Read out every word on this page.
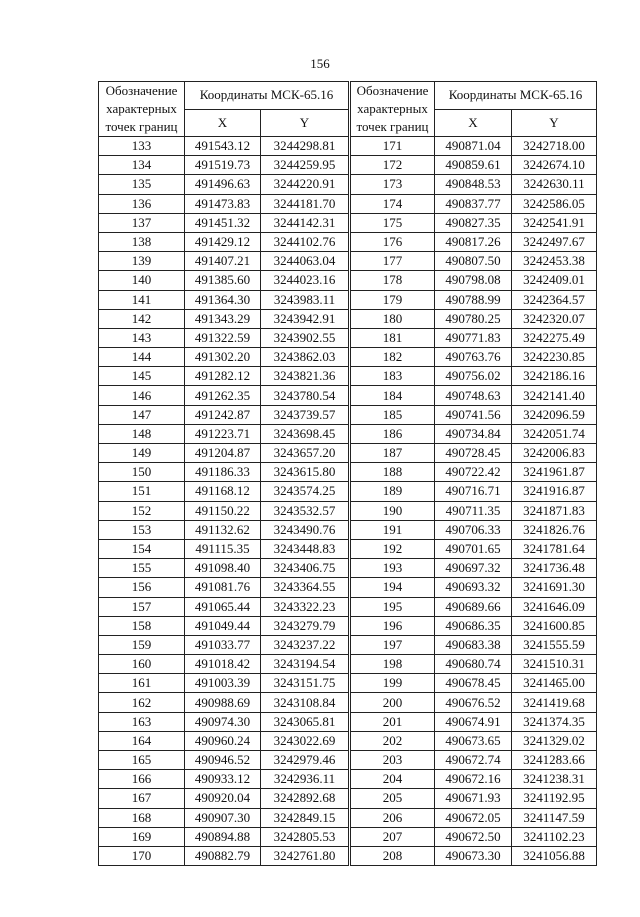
156
Обозначение
характерных
точек границ	Координаты МСК-65.16	
	X	Y
133	491543.12	3244298.81
134	491519.73	3244259.95
135	491496.63	3244220.91
136	491473.83	3244181.70
137	491451.32	3244142.31
138	491429.12	3244102.76
139	491407.21	3244063.04
140	491385.60	3244023.16
141	491364.30	3243983.11
142	491343.29	3243942.91
143	491322.59	3243902.55
144	491302.20	3243862.03
145	491282.12	3243821.36
146	491262.35	3243780.54
147	491242.87	3243739.57
148	491223.71	3243698.45
149	491204.87	3243657.20
150	491186.33	3243615.80
151	491168.12	3243574.25
152	491150.22	3243532.57
153	491132.62	3243490.76
154	491115.35	3243448.83
155	491098.40	3243406.75
156	491081.76	3243364.55
157	491065.44	3243322.23
158	491049.44	3243279.79
159	491033.77	3243237.22
160	491018.42	3243194.54
161	491003.39	3243151.75
162	490988.69	3243108.84
163	490974.30	3243065.81
164	490960.24	3243022.69
165	490946.52	3242979.46
166	490933.12	3242936.11
167	490920.04	3242892.68
168	490907.30	3242849.15
169	490894.88	3242805.53
170	490882.79	3242761.80
Обозначение
характерных
точек границ	Координаты МСК-65.16	
	X	Y
171	490871.04	3242718.00
172	490859.61	3242674.10
173	490848.53	3242630.11
174	490837.77	3242586.05
175	490827.35	3242541.91
176	490817.26	3242497.67
177	490807.50	3242453.38
178	490798.08	3242409.01
179	490788.99	3242364.57
180	490780.25	3242320.07
181	490771.83	3242275.49
182	490763.76	3242230.85
183	490756.02	3242186.16
184	490748.63	3242141.40
185	490741.56	3242096.59
186	490734.84	3242051.74
187	490728.45	3242006.83
188	490722.42	3241961.87
189	490716.71	3241916.87
190	490711.35	3241871.83
191	490706.33	3241826.76
192	490701.65	3241781.64
193	490697.32	3241736.48
194	490693.32	3241691.30
195	490689.66	3241646.09
196	490686.35	3241600.85
197	490683.38	3241555.59
198	490680.74	3241510.31
199	490678.45	3241465.00
200	490676.52	3241419.68
201	490674.91	3241374.35
202	490673.65	3241329.02
203	490672.74	3241283.66
204	490672.16	3241238.31
205	490671.93	3241192.95
206	490672.05	3241147.59
207	490672.50	3241102.23
208	490673.30	3241056.88
